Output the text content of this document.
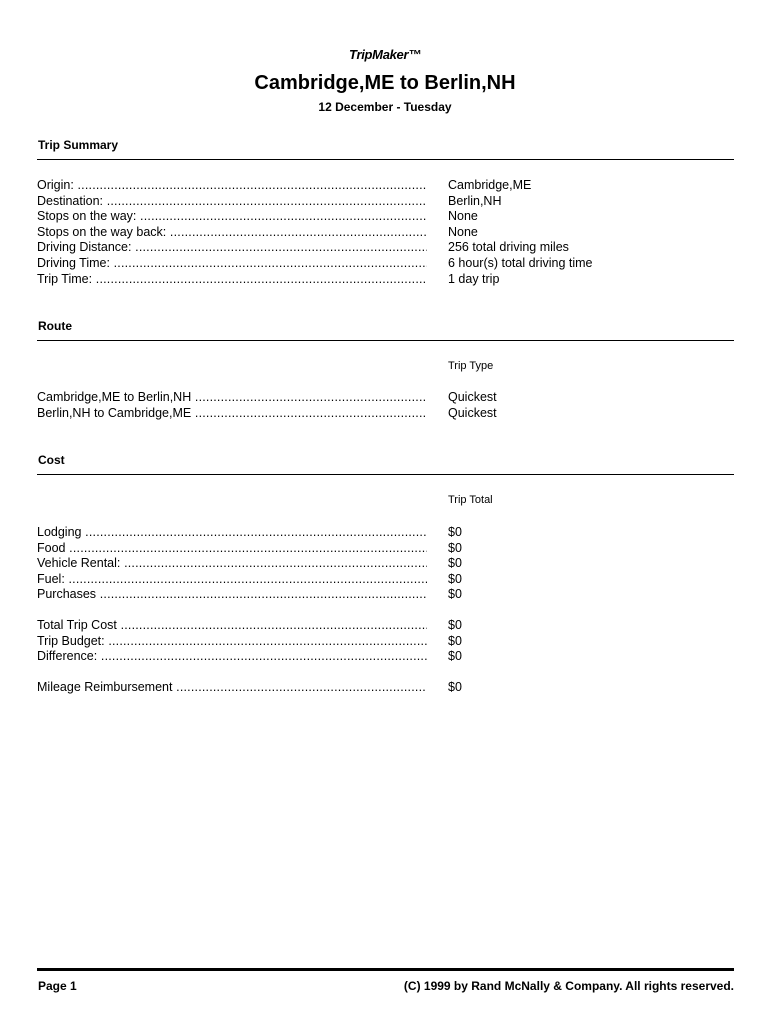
TripMaker™
Cambridge,ME to Berlin,NH
12 December - Tuesday
Trip Summary
Origin: .....	Cambridge,ME
Destination: .....	Berlin,NH
Stops on the way: .....	None
Stops on the way back: .....	None
Driving Distance: .....	256 total driving miles
Driving Time: .....	6 hour(s) total driving time
Trip Time: .....	1 day trip
Route
Trip Type
Cambridge,ME to Berlin,NH .....	Quickest
Berlin,NH to Cambridge,ME .....	Quickest
Cost
Trip Total
Lodging .....	$0
Food .....	$0
Vehicle Rental: .....	$0
Fuel: .....	$0
Purchases .....	$0
Total Trip Cost .....	$0
Trip Budget: .....	$0
Difference: .....	$0
Mileage Reimbursement .....	$0
Page 1	(C) 1999 by Rand McNally & Company. All rights reserved.
